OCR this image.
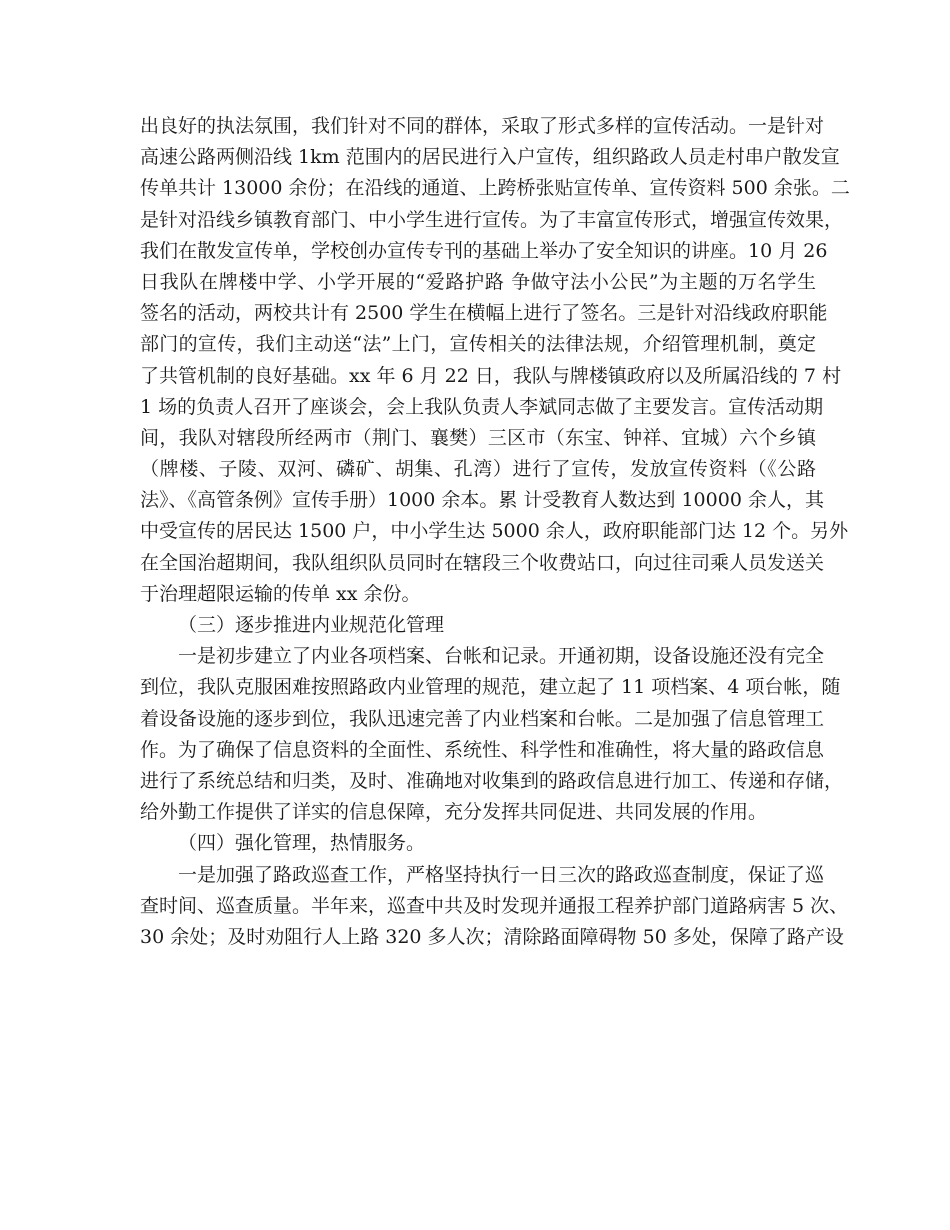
出良好的执法氛围，我们针对不同的群体，采取了形式多样的宣传活动。一是针对
高速公路两侧沿线 1km 范围内的居民进行入户宣传，组织路政人员走村串户散发宣
传单共计 13000 余份；在沿线的通道、上跨桥张贴宣传单、宣传资料 500 余张。二
是针对沿线乡镇教育部门、中小学生进行宣传。为了丰富宣传形式，增强宣传效果，
我们在散发宣传单，学校创办宣传专刊的基础上举办了安全知识的讲座。10 月 26
日我队在牌楼中学、小学开展的“爱路护路 争做守法小公民”为主题的万名学生
签名的活动，两校共计有 2500 学生在横幅上进行了签名。三是针对沿线政府职能
部门的宣传，我们主动送“法”上门，宣传相关的法律法规，介绍管理机制，奠定
了共管机制的良好基础。xx 年 6 月 22 日，我队与牌楼镇政府以及所属沿线的 7 村
1 场的负责人召开了座谈会，会上我队负责人李斌同志做了主要发言。宣传活动期
间，我队对辖段所经两市（荆门、襄樊）三区市（东宝、钟祥、宜城）六个乡镇
（牌楼、子陵、双河、磷矿、胡集、孔湾）进行了宣传，发放宣传资料（《公路
法》、《高管条例》宣传手册）1000 余本。累 计受教育人数达到 10000 余人，其
中受宣传的居民达 1500 户，中小学生达 5000 余人，政府职能部门达 12 个。另外
在全国治超期间，我队组织队员同时在辖段三个收费站口，向过往司乘人员发送关
于治理超限运输的传单 xx 余份。
（三）逐步推进内业规范化管理
一是初步建立了内业各项档案、台帐和记录。开通初期，设备设施还没有完全
到位，我队克服困难按照路政内业管理的规范，建立起了 11 项档案、4 项台帐，随
着设备设施的逐步到位，我队迅速完善了内业档案和台帐。二是加强了信息管理工
作。为了确保了信息资料的全面性、系统性、科学性和准确性，将大量的路政信息
进行了系统总结和归类，及时、准确地对收集到的路政信息进行加工、传递和存储，
给外勤工作提供了详实的信息保障，充分发挥共同促进、共同发展的作用。
（四）强化管理，热情服务。
一是加强了路政巡查工作，严格坚持执行一日三次的路政巡查制度，保证了巡
查时间、巡查质量。半年来，巡查中共及时发现并通报工程养护部门道路病害 5 次、
30 余处；及时劝阻行人上路 320 多人次；清除路面障碍物 50 多处，保障了路产设
